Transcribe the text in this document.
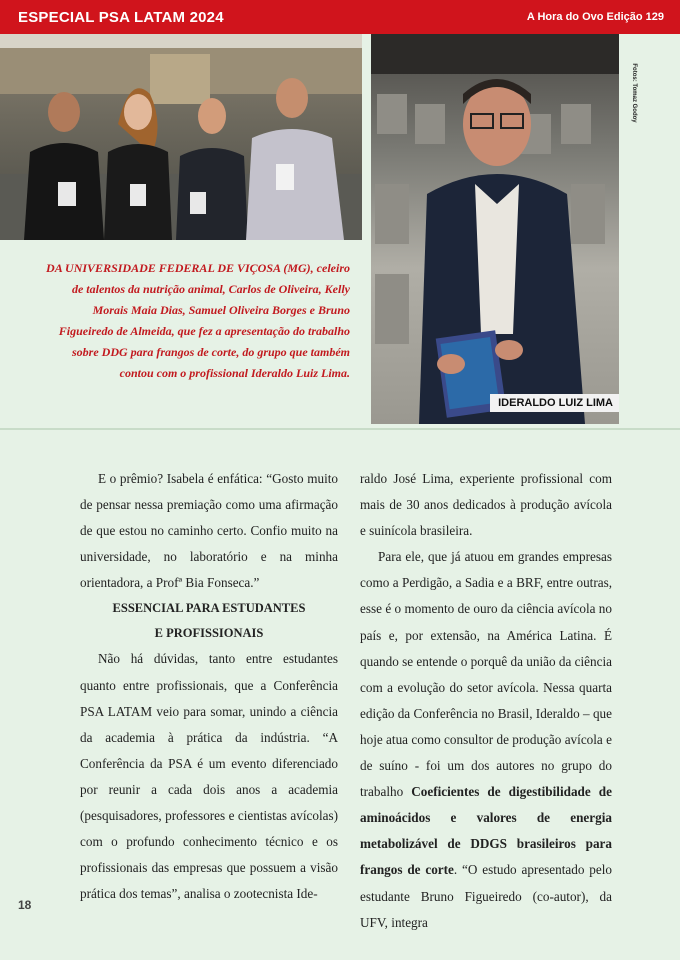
ESPECIAL PSA LATAM 2024	A Hora do Ovo Edição 129
IDERALDO LUIZ LIMA
Fotos: Tomaz Godoy
DA UNIVERSIDADE FEDERAL DE VIÇOSA (MG), celeiro de talentos da nutrição animal, Carlos de Oliveira, Kelly Morais Maia Dias, Samuel Oliveira Borges e Bruno Figueiredo de Almeida, que fez a apresentação do trabalho sobre DDG para frangos de corte, do grupo que também contou com o profissional Ideraldo Luiz Lima.

E o prêmio? Isabela é enfática: “Gosto muito de pensar nessa premiação como uma afirmação de que estou no caminho certo. Confio muito na universidade, no laboratório e na minha orientadora, a Profª Bia Fonseca.”

ESSENCIAL PARA ESTUDANTES
E PROFISSIONAIS

Não há dúvidas, tanto entre estudantes quanto entre profissionais, que a Conferência PSA LATAM veio para somar, unindo a ciência da academia à prática da indústria. “A Conferência da PSA é um evento diferenciado por reunir a cada dois anos a academia (pesquisadores, professores e cientistas avícolas) com o profundo conhecimento técnico e os profissionais das empresas que possuem a visão prática dos temas”, analisa o zootecnista Ide-

raldo José Lima, experiente profissional com mais de 30 anos dedicados à produção avícola e suinícola brasileira.

Para ele, que já atuou em grandes empresas como a Perdigão, a Sadia e a BRF, entre outras, esse é o momento de ouro da ciência avícola no país e, por extensão, na América Latina. É quando se entende o porquê da união da ciência com a evolução do setor avícola. Nessa quarta edição da Conferência no Brasil, Ideraldo – que hoje atua como consultor de produção avícola e de suíno - foi um dos autores no grupo do trabalho Coeficientes de digestibilidade de aminoácidos e valores de energia metabolizável de DDGS brasileiros para frangos de corte. “O estudo apresentado pelo estudante Bruno Figueiredo (co-autor), da UFV, integra

18
